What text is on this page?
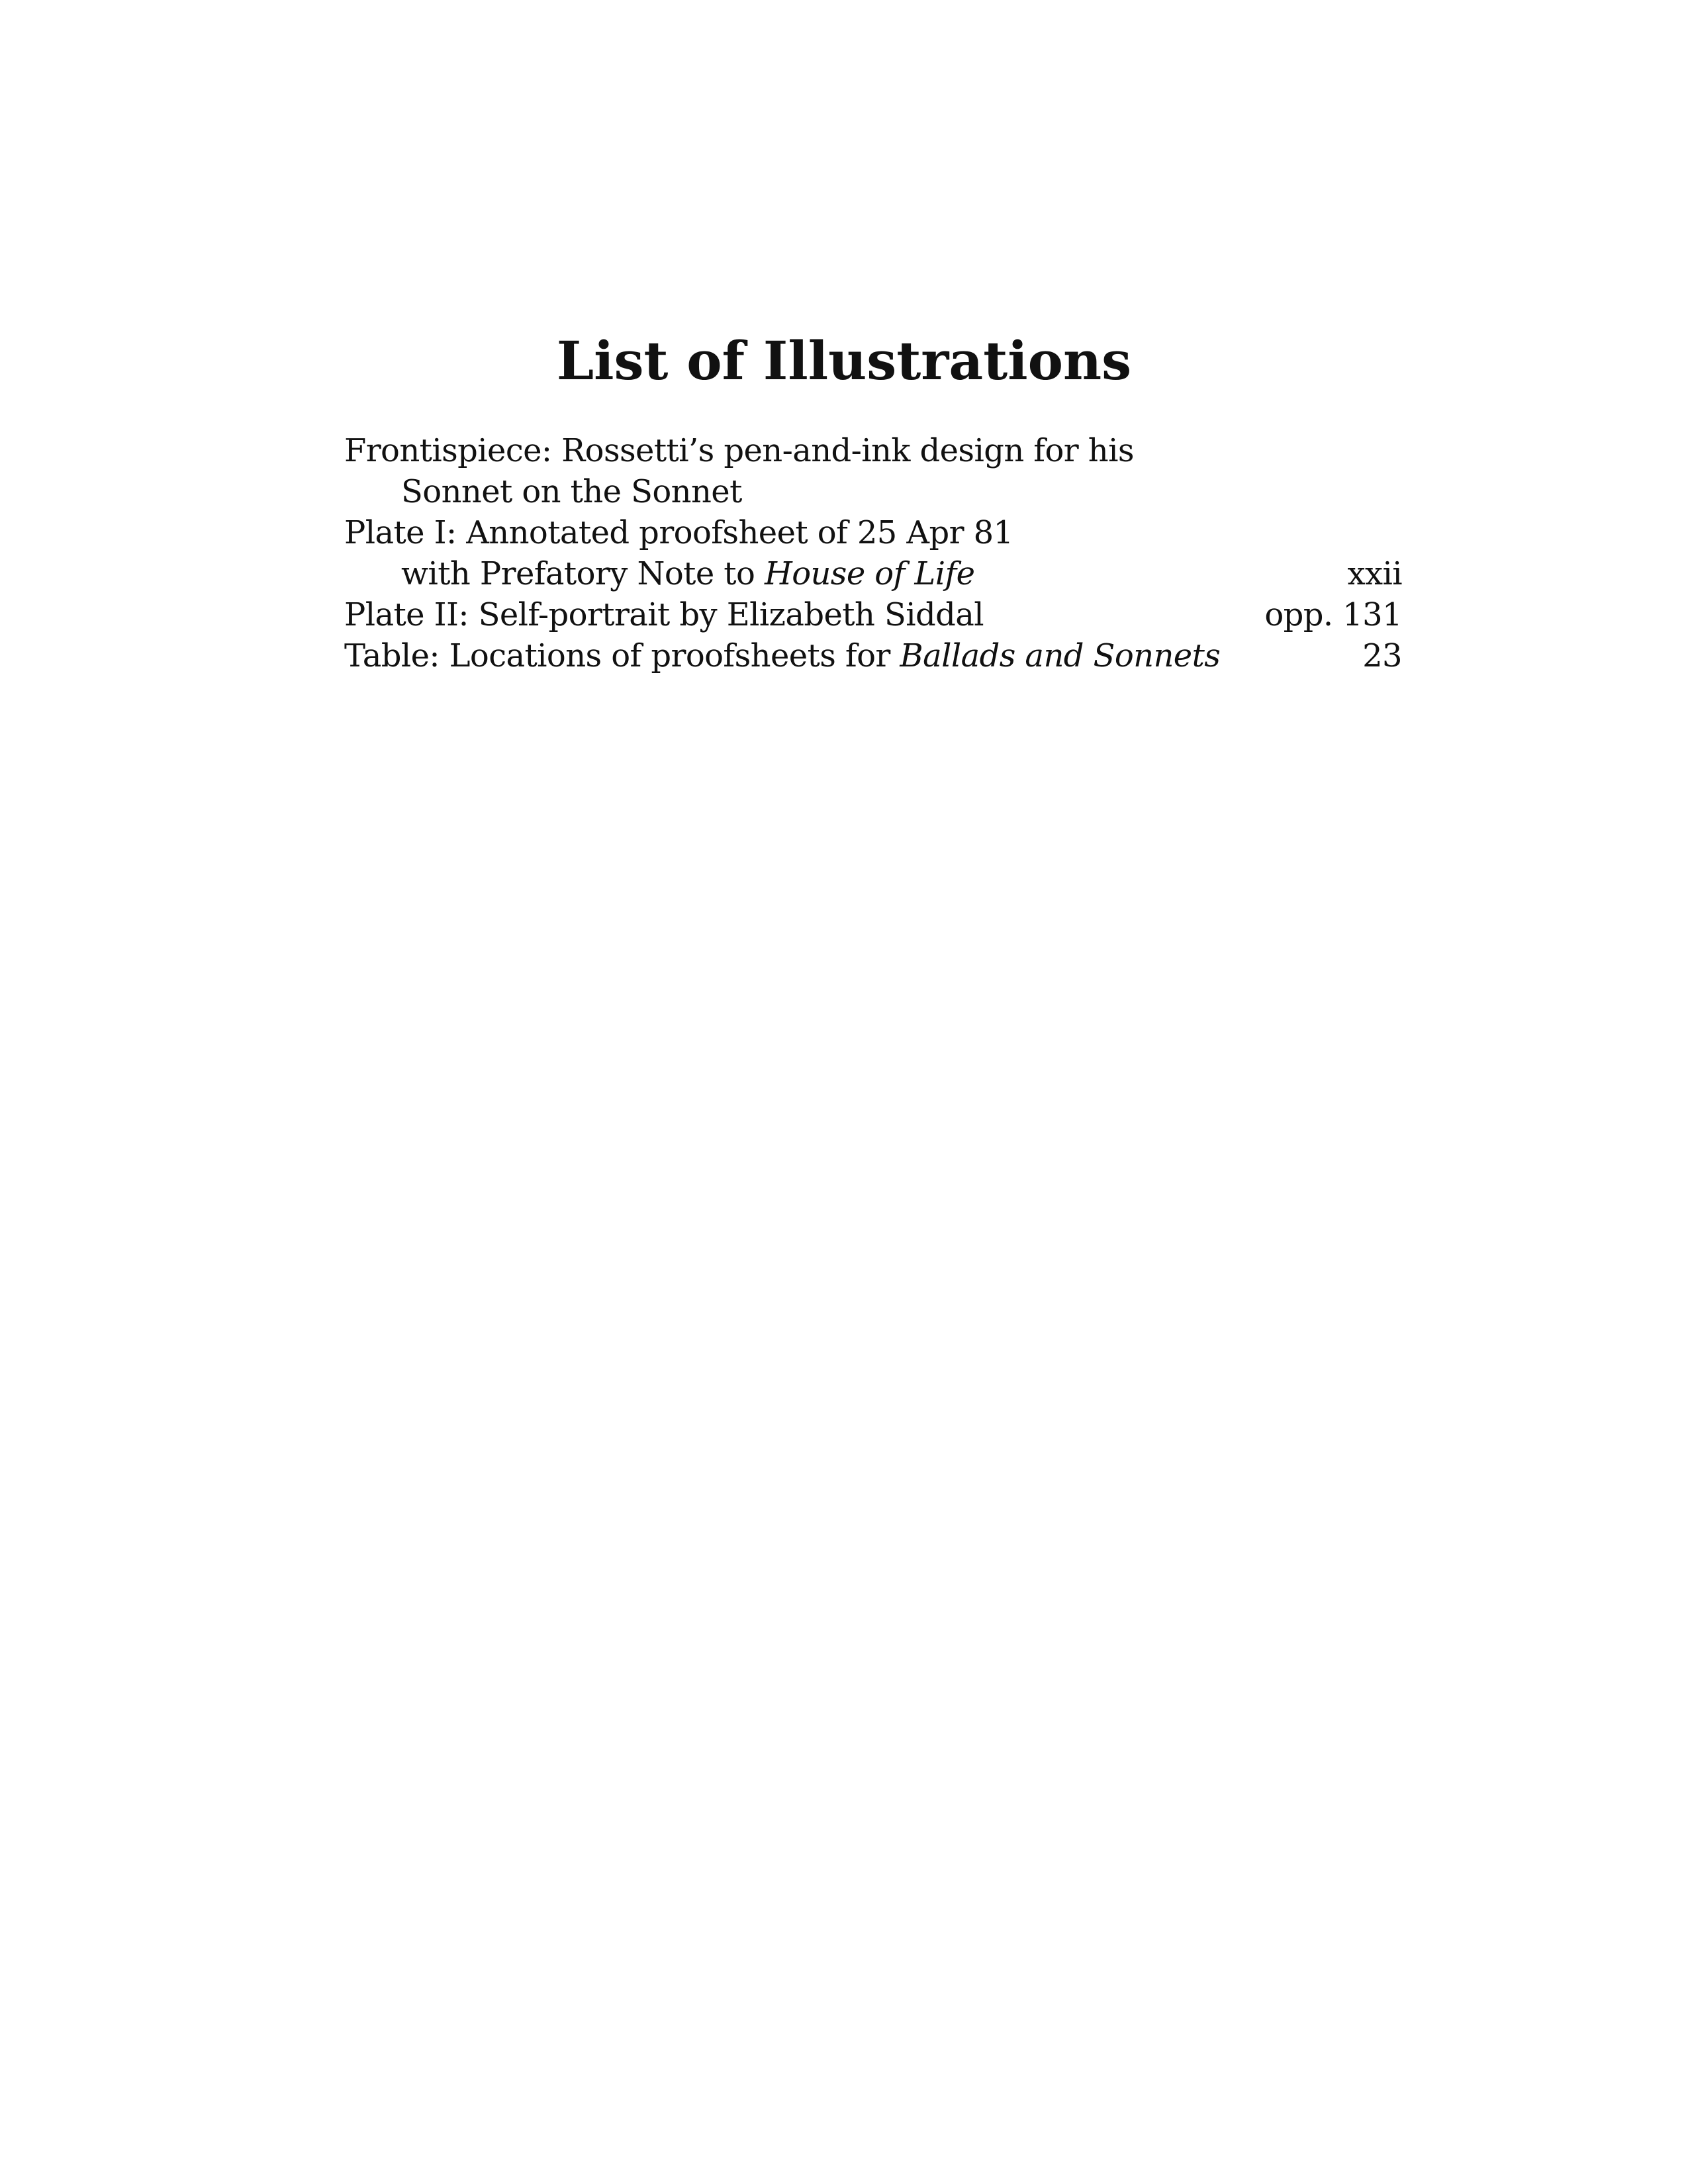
List of Illustrations
Frontispiece: Rossetti’s pen-and-ink design for his
Sonnet on the Sonnet
Plate I: Annotated proofsheet of 25 Apr 81
with Prefatory Note to House of Life	xxii
Plate II: Self-portrait by Elizabeth Siddal	opp. 131
Table: Locations of proofsheets for Ballads and Sonnets	23
